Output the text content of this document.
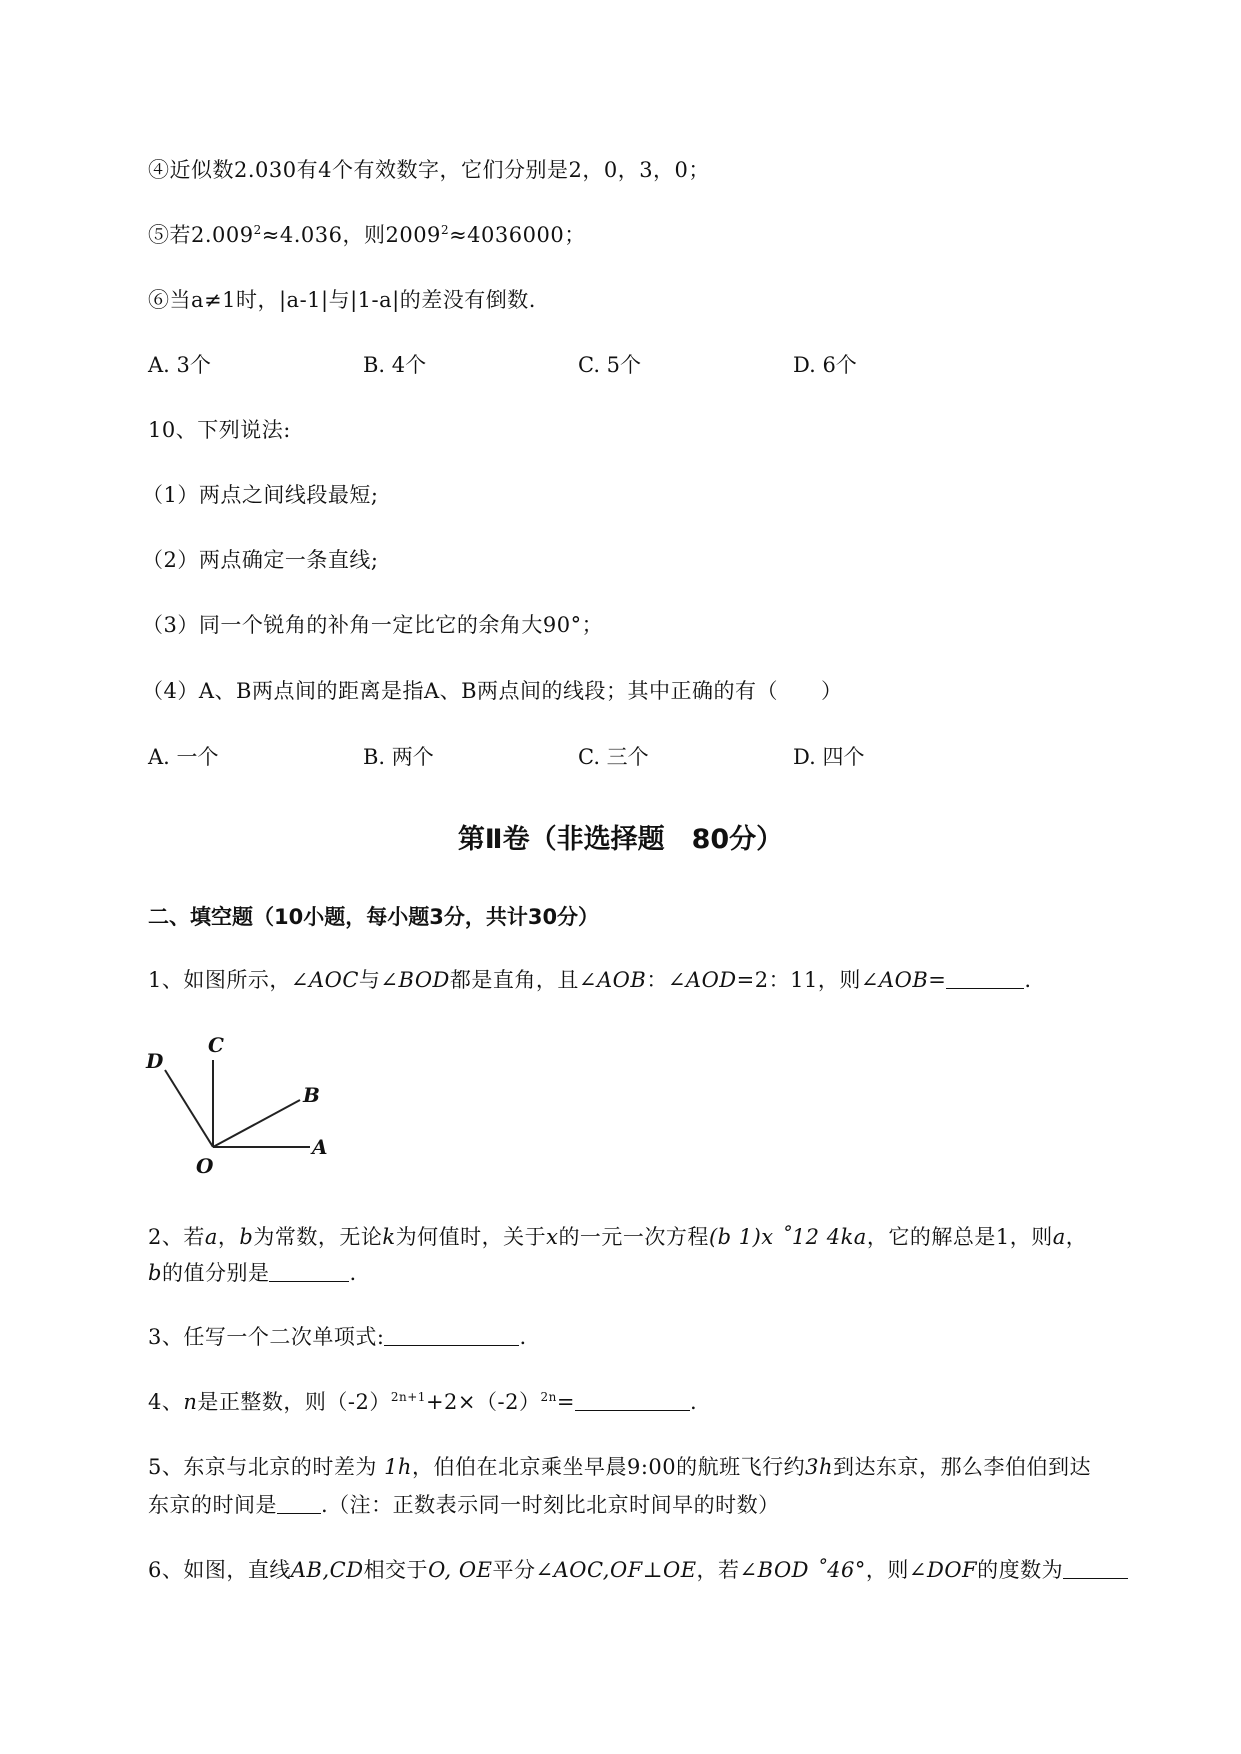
④近似数2.030有4个有效数字，它们分别是2，0，3，0；
⑤若$2.009^2\approx 4.036$，则$2009^2\approx 4036000$；
⑥当a≠1时，|a-1|与|1-a|的差没有倒数.
A. 3个	B. 4个	C. 5个	D. 6个
10、下列说法:
（1）两点之间线段最短;
（2）两点确定一条直线;
（3）同一个锐角的补角一定比它的余角大90°；
（4）A、B两点间的距离是指A、B两点间的线段；其中正确的有（　　）
A. 一个	B. 两个	C. 三个	D. 四个
第Ⅱ卷（非选择题　80分）
二、填空题（10小题，每小题3分，共计30分）
1、如图所示，∠AOC与∠BOD都是直角，且∠AOB：∠AOD=2：11，则∠AOB=	.
D
C
B
A
O
2、若a，b为常数，无论k为何值时，关于x的一元一次方程(b 1)x ˚12 4ka，它的解总是1，则a，
b的值分别是	.
3、任写一个二次单项式:	.
4、n是正整数，则$(-2)^{2n+1}+2\times(-2)^{2n}=$	.
5、东京与北京的时差为 1h，伯伯在北京乘坐早晨9:00的航班飞行约3h到达东京，那么李伯伯到达
东京的时间是 .（注：正数表示同一时刻比北京时间早的时数）
6、如图，直线AB,CD相交于O, OE平分∠AOC,OF⊥OE，若∠BOD ˚46°，则∠DOF的度数为
